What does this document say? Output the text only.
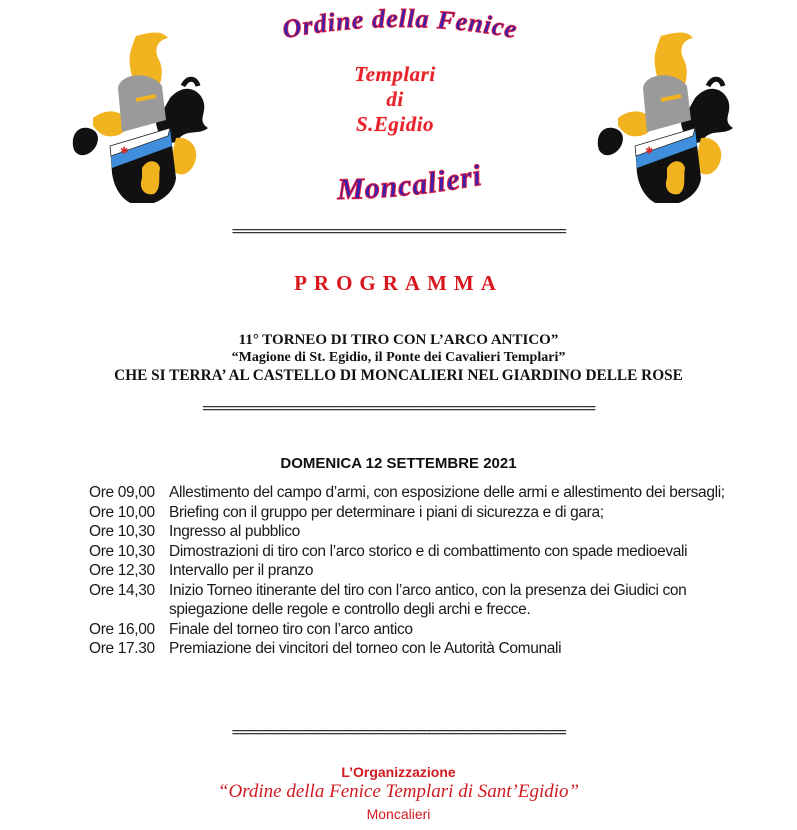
✱	✱
Ordine della Fenice
Templari
di
S.Egidio
Moncalieri
==================================================================
PROGRAMMA
11° TORNEO DI TIRO CON L’ARCO ANTICO”
“Magione di St. Egidio, il Ponte dei Cavalieri Templari”
CHE SI TERRA’ AL CASTELLO DI MONCALIERI NEL GIARDINO DELLE ROSE
==========================================================================
DOMENICA 12 SETTEMBRE 2021
Ore 09,00 Allestimento del campo d’armi, con esposizione delle armi e allestimento dei bersagli;
Ore 10,00 Briefing con il gruppo per determinare i piani di sicurezza e di gara;
Ore 10,30 Ingresso al pubblico
Ore 10,30 Dimostrazioni di tiro con l’arco storico e di combattimento con spade medioevali
Ore 12,30 Intervallo per il pranzo
Ore 14,30 Inizio Torneo itinerante del tiro con l’arco antico, con la presenza dei Giudici con spiegazione delle regole e controllo degli archi e frecce.
Ore 16,00 Finale del torneo tiro con l’arco antico
Ore 17.30 Premiazione dei vincitori del torneo con le Autorità Comunali
==================================================================
L’Organizzazione
“Ordine della Fenice Templari di Sant’Egidio”
Moncalieri
